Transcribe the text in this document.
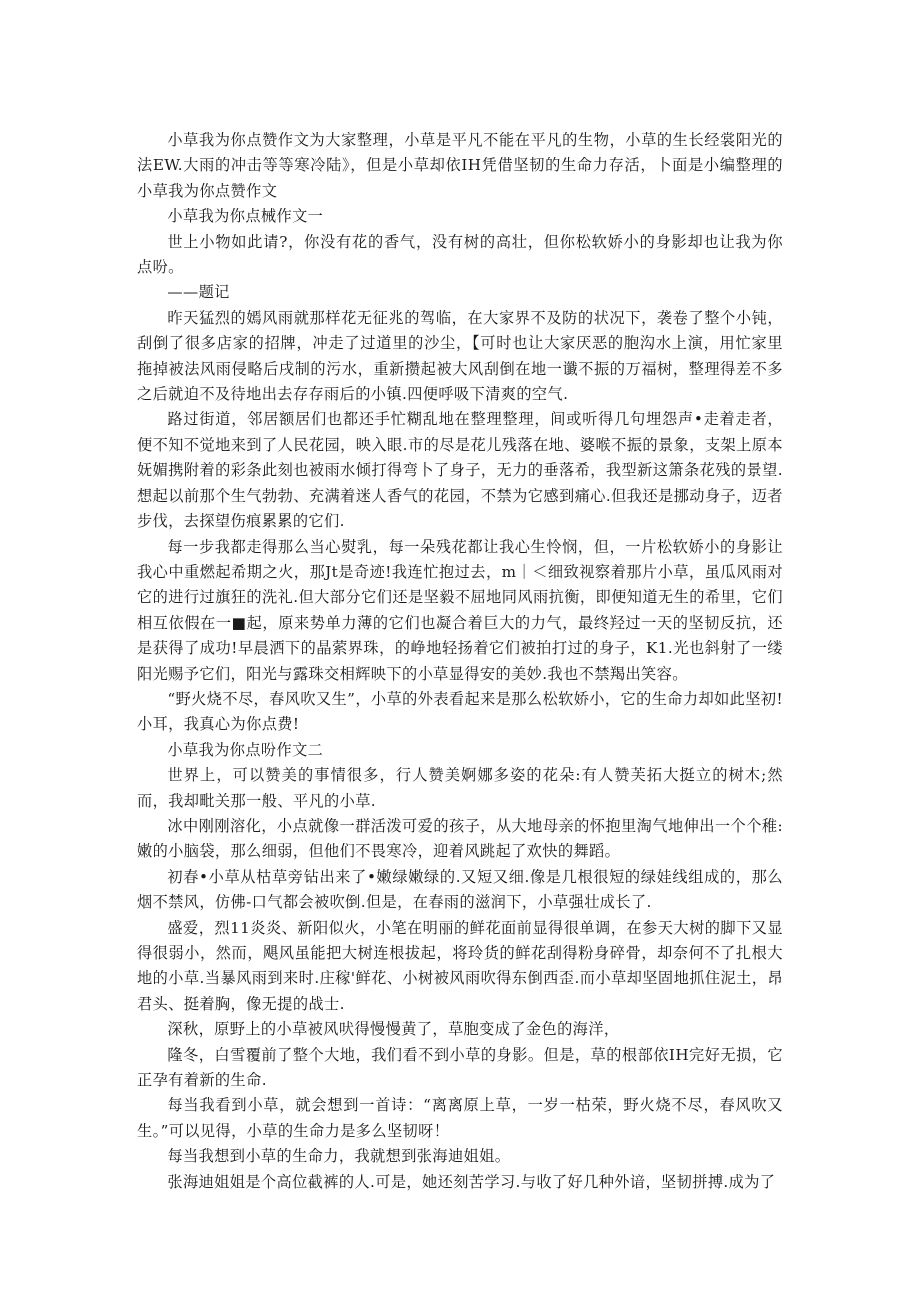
小草我为你点赞作文为大家整理，小草是平凡不能在平凡的生物，小草的生长经裳阳光的法EW.大雨的冲击等等寒冷陆》，但是小草却依IH凭借坚韧的生命力存活，卜面是小编整理的小草我为你点赞作文

小草我为你点械作文一

世上小物如此请?，你没有花的香气，没有树的高壮，但你松软娇小的身影却也让我为你点吩。

——题记

昨天猛烈的嫣风雨就那样花无征兆的驾临，在大家界不及防的状况下，袭卷了整个小钝，刮倒了很多店家的招牌，冲走了过道里的沙尘，【可时也让大家厌恶的胞沟水上演，用忙家里拖掉被法风雨侵略后戌制的污水，重新攒起被大风刮倒在地一谶不振的万福树，整理得差不多之后就迫不及待地出去存存雨后的小镇.四便呼吸下清爽的空气.

路过街道，邻居额居们也都还手忙糊乱地在整理整理，间或听得几句埋怨声•走着走者，便不知不觉地来到了人民花园，映入眼.市的尽是花儿残落在地、婆喉不振的景象，支架上原本妩媚携附着的彩条此刻也被雨水倾打得弯卜了身子，无力的垂落希，我型新这箫条花残的景望.想起以前那个生气勃勃、充满着迷人香气的花园，不禁为它感到痛心.但我还是挪动身子，迈者步伐，去探望伤痕累累的它们.

每一步我都走得那么当心熨乳，每一朵残花都让我心生怜悯，但，一片松软娇小的身影让我心中重燃起希期之火，那Jt是奇迹!我连忙抱过去，m｜＜细致视察着那片小草，虽瓜风雨对它的进行过旗狂的洗礼.但大部分它们还是坚毅不屈地同风雨抗衡，即便知道无生的希里，它们相互依假在一■起，原来势单力薄的它们也凝合着巨大的力气，最终羟过一天的坚韧反抗，还是获得了成功!早晨洒下的晶萦界珠，的峥地轻扬着它们被拍打过的身子，K1.光也斜射了一缕阳光赐予它们，阳光与露珠交相辉映下的小草显得安的美妙.我也不禁羯出笑容。

“野火烧不尽，春风吹又生”，小草的外表看起来是那么松软娇小，它的生命力却如此坚初!小耳，我真心为你点费!

小草我为你点吩作文二

世界上，可以赞美的事情很多，行人赞美婀娜多姿的花朵:有人赞芙拓大挺立的树木;然而，我却毗关那一般、平凡的小草.

冰中刚刚溶化，小点就像一群活泼可爱的孩子，从大地母亲的怀抱里淘气地伸出一个个稚:嫩的小脑袋，那么细弱，但他们不畏寒冷，迎着风跳起了欢快的舞蹈。

初春•小草从枯草旁钻出来了•嫩绿嫩绿的.又短又细.像是几根很短的绿娃线组成的，那么烟不禁风，仿佛-口气都会被吹倒.但是，在春雨的滋润下，小草强壮成长了.

盛爱，烈11炎炎、新阳似火，小笔在明丽的鲜花面前显得很单调，在参天大树的脚下又显得很弱小，然而，飓风虽能把大树连根拔起，将玲货的鲜花刮得粉身碎骨，却奈何不了扎根大地的小草.当暴风雨到来时.庄稼'鲜花、小树被风雨吹得东倒西歪.而小草却坚固地抓住泥土，昂君头、挺着胸，像无提的战士.

深秋，原野上的小草被风吠得慢慢黄了，草胞变成了金色的海洋，

隆冬，白雪覆前了整个大地，我们看不到小草的身影。但是，草的根部依IH完好无损，它正孕有着新的生命.

每当我看到小草，就会想到一首诗：“离离原上草，一岁一枯荣，野火烧不尽，春风吹又生。”可以见得，小草的生命力是多么坚韧呀！

每当我想到小草的生命力，我就想到张海迪姐姐。

张海迪姐姐是个高位截裤的人.可是，她还刻苦学习.与收了好几种外谙，坚韧拼搏.成为了
